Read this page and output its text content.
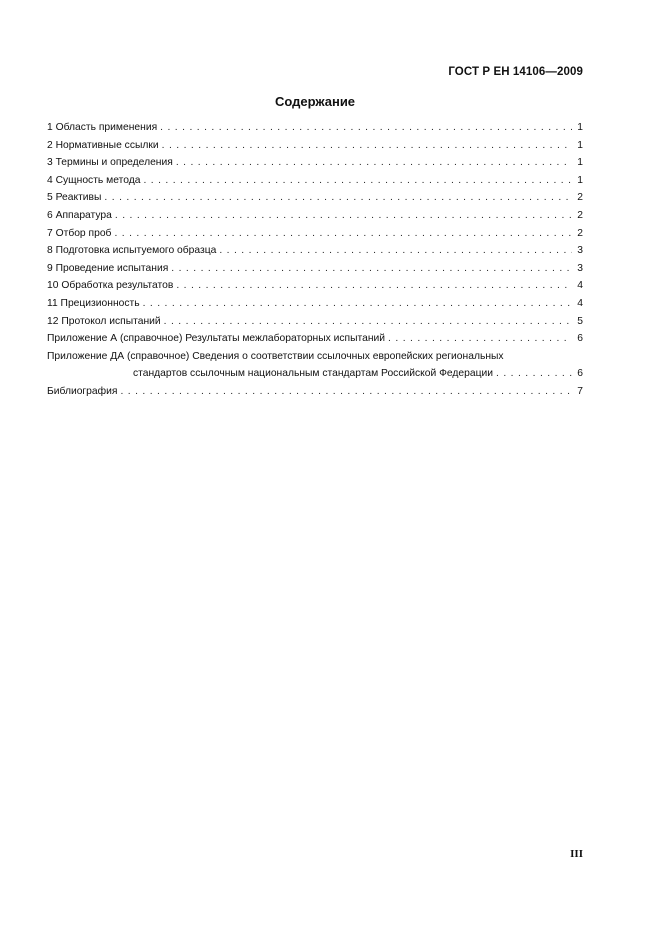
ГОСТ Р ЕН 14106—2009
Содержание
1 Область применения . . .	1
2 Нормативные ссылки . . .	1
3 Термины и определения . . .	1
4 Сущность метода . . .	1
5 Реактивы . . .	2
6 Аппаратура . . .	2
7 Отбор проб . . .	2
8 Подготовка испытуемого образца . . .	3
9 Проведение испытания . . .	3
10 Обработка результатов . . .	4
11 Прецизионность . . .	4
12 Протокол испытаний . . .	5
Приложение А (справочное) Результаты межлабораторных испытаний . . .	6
Приложение ДА (справочное) Сведения о соответствии ссылочных европейских региональных
стандартов ссылочным национальным стандартам Российской Федерации . . .	6
Библиография . . .	7
III
